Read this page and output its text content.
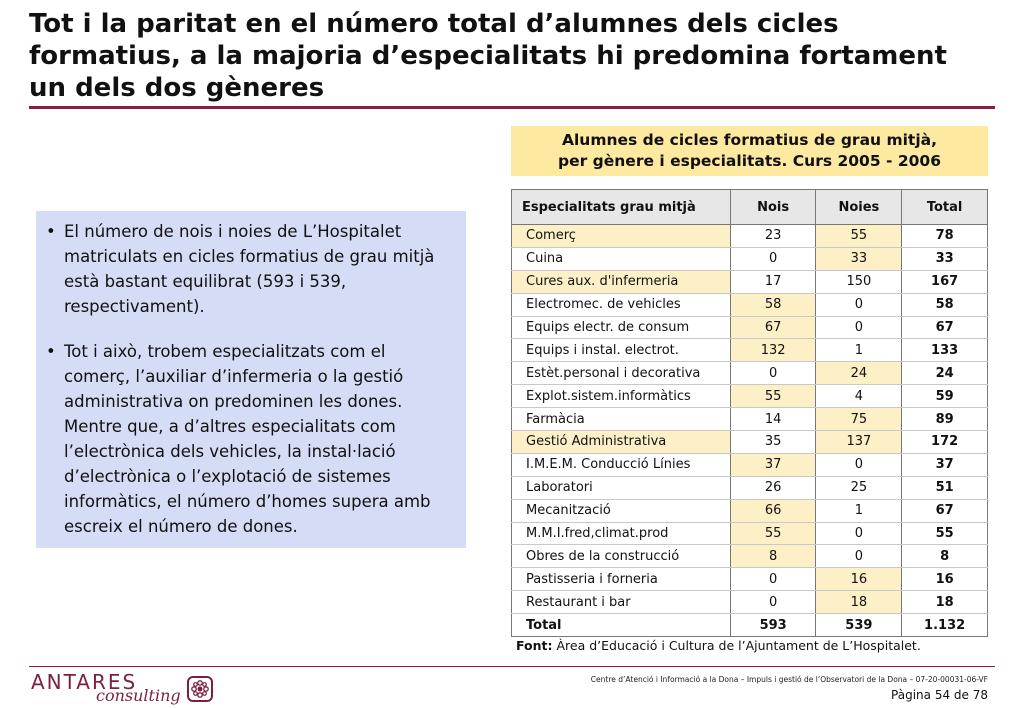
Tot i la paritat en el número total d’alumnes dels cicles formatius, a la majoria d’especialitats hi predomina fortament un dels dos gèneres
Alumnes de cicles formatius de grau mitjà,
per gènere i especialitats. Curs 2005 - 2006
• El número de nois i noies de L’Hospitalet matriculats en cicles formatius de grau mitjà està bastant equilibrat (593 i 539, respectivament).
• Tot i això, trobem especialitzats com el comerç, l’auxiliar d’infermeria o la gestió administrativa on predominen les dones. Mentre que, a d’altres especialitats com l’electrònica dels vehicles, la instal·lació d’electrònica o l’explotació de sistemes informàtics, el número d’homes supera amb escreix el número de dones.
Especialitats grau mitjà	Nois	Noies	Total
Comerç	23	55	78
Cuina	0	33	33
Cures aux. d'infermeria	17	150	167
Electromec. de vehicles	58	0	58
Equips electr. de consum	67	0	67
Equips i instal. electrot.	132	1	133
Estèt.personal i decorativa	0	24	24
Explot.sistem.informàtics	55	4	59
Farmàcia	14	75	89
Gestió Administrativa	35	137	172
I.M.E.M. Conducció Línies	37	0	37
Laboratori	26	25	51
Mecanització	66	1	67
M.M.I.fred,climat.prod	55	0	55
Obres de la construcció	8	0	8
Pastisseria i forneria	0	16	16
Restaurant i bar	0	18	18
Total	593	539	1.132
Font: Àrea d’Educació i Cultura de l’Ajuntament de L’Hospitalet.
ANTARES
consulting
Centre d’Atenció i Informació a la Dona – Impuls i gestió de l’Observatori de la Dona – 07-20-00031-06-VF
Pàgina 54 de 78
